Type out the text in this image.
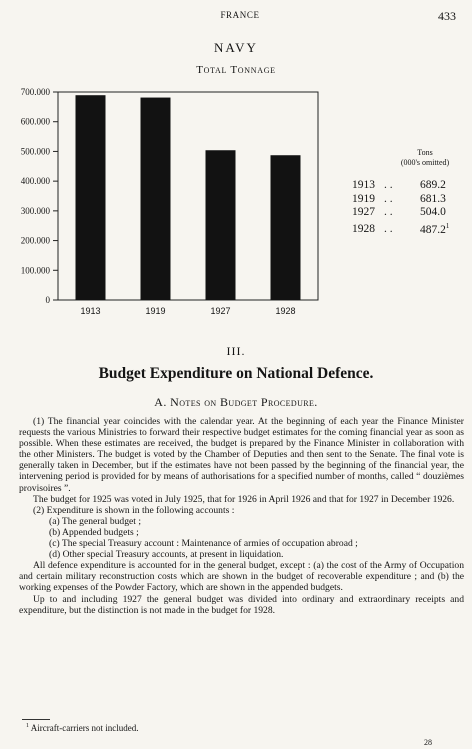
FRANCE	433
NAVY
Total Tonnage
700.000
600.000
500.000
400.000
300.000
200.000
100.000
0
1913	1919	1927	1928
Tons
(000's omitted)
1913 . . 689.2
1919 . . 681.3
1927 . . 504.0
1928 . . 487.2$^1$
III.
Budget Expenditure on National Defence.
A. Notes on Budget Procedure.

(1) The financial year coincides with the calendar year. At the beginning of each year the Finance Minister requests the various Ministries to forward their respective budget estimates for the coming financial year as soon as possible. When these estimates are received, the budget is prepared by the Finance Minister in collaboration with the other Ministers. The budget is voted by the Chamber of Deputies and then sent to the Senate. The final vote is generally taken in December, but if the estimates have not been passed by the beginning of the financial year, the intervening period is provided for by means of authorisations for a specified number of months, called “ douzièmes provisoires ”.

The budget for 1925 was voted in July 1925, that for 1926 in April 1926 and that for 1927 in December 1926.

(2) Expenditure is shown in the following accounts :

(a) The general budget ;

(b) Appended budgets ;

(c) The special Treasury account : Maintenance of armies of occupation abroad ;

(d) Other special Treasury accounts, at present in liquidation.

All defence expenditure is accounted for in the general budget, except : (a) the cost of the Army of Occupation and certain military reconstruction costs which are shown in the budget of recoverable expenditure ; and (b) the working expenses of the Powder Factory, which are shown in the appended budgets.

Up to and including 1927 the general budget was divided into ordinary and extraordinary receipts and expenditure, but the distinction is not made in the budget for 1928.

$^1$ Aircraft-carriers not included.
28
